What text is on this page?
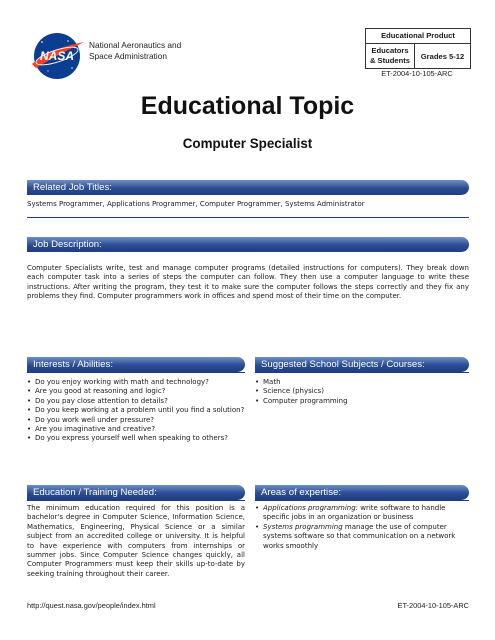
NASA
National Aeronautics and
Space Administration
Educational Product
Educators
& Students	Grades 5-12
ET-2004-10-105-ARC
Educational Topic
Computer Specialist
Related Job Titles:
Systems Programmer, Applications Programmer, Computer Programmer, Systems Administrator
Job Description:
Computer Specialists write, test and manage computer programs (detailed instructions for computers). They break down each computer task into a series of steps the computer can follow. They then use a computer language to write these instructions. After writing the program, they test it to make sure the computer follows the steps correctly and they fix any problems they find. Computer programmers work in offices and spend most of their time on the computer.
Interests / Abilities:
• Do you enjoy working with math and technology?
• Are you good at reasoning and logic?
• Do you pay close attention to details?
• Do you keep working at a problem until you find a solution?
• Do you work well under pressure?
• Are you imaginative and creative?
• Do you express yourself well when speaking to others?
Suggested School Subjects / Courses:
• Math
• Science (physics)
• Computer programming
Education / Training Needed:
The minimum education required for this position is a bachelor's degree in Computer Science, Information Science, Mathematics, Engineering, Physical Science or a similar subject from an accredited college or university. It is helpful to have experience with computers from internships or summer jobs. Since Computer Science changes quickly, all Computer Programmers must keep their skills up-to-date by seeking training throughout their career.
Areas of expertise:
• Applications programming: write software to handle specific jobs in an organization or business
• Systems programming manage the use of computer systems software so that communication on a network works smoothly
http://quest.nasa.gov/people/index.html	ET-2004-10-105-ARC
